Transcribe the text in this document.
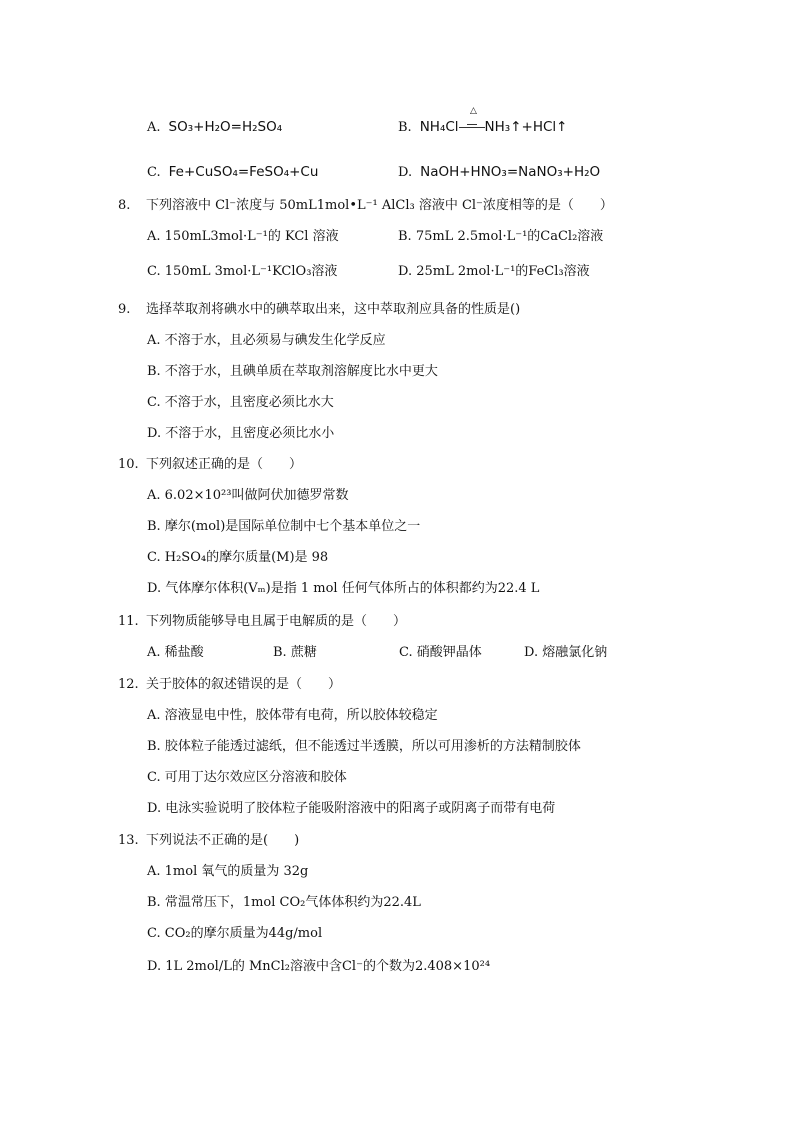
A. SO₃+H₂O=H₂SO₄	B. NH₄Cl NH₃↑+HCl↑
△
C. Fe+CuSO₄=FeSO₄+Cu	D. NaOH+HNO₃=NaNO₃+H₂O
8. 下列溶液中 Cl⁻浓度与 50mL1mol•L⁻¹ AlCl₃ 溶液中 Cl⁻浓度相等的是（　　）
A. 150mL3mol·L⁻¹的 KCl 溶液	B. 75mL 2.5mol·L⁻¹的CaCl₂溶液
C. 150mL 3mol·L⁻¹KClO₃溶液	D. 25mL 2mol·L⁻¹的FeCl₃溶液
9. 选择萃取剂将碘水中的碘萃取出来，这中萃取剂应具备的性质是()
A. 不溶于水，且必须易与碘发生化学反应
B. 不溶于水，且碘单质在萃取剂溶解度比水中更大
C. 不溶于水，且密度必须比水大
D. 不溶于水，且密度必须比水小
10. 下列叙述正确的是（　　）
A. 6.02×10²³叫做阿伏加德罗常数
B. 摩尔(mol)是国际单位制中七个基本单位之一
C. H₂SO₄的摩尔质量(M)是 98
D. 气体摩尔体积(Vₘ)是指 1 mol 任何气体所占的体积都约为22.4 L
11. 下列物质能够导电且属于电解质的是（　　）
A. 稀盐酸	B. 蔗糖	C. 硝酸钾晶体	D. 熔融氯化钠
12. 关于胶体的叙述错误的是（　　）
A. 溶液显电中性，胶体带有电荷，所以胶体较稳定
B. 胶体粒子能透过滤纸，但不能透过半透膜，所以可用渗析的方法精制胶体
C. 可用丁达尔效应区分溶液和胶体
D. 电泳实验说明了胶体粒子能吸附溶液中的阳离子或阴离子而带有电荷
13. 下列说法不正确的是(　　)
A. 1mol 氧气的质量为 32g
B. 常温常压下，1mol CO₂气体体积约为22.4L
C. CO₂的摩尔质量为44g/mol
D. 1L 2mol/L的 MnCl₂溶液中含Cl⁻的个数为2.408×10²⁴
